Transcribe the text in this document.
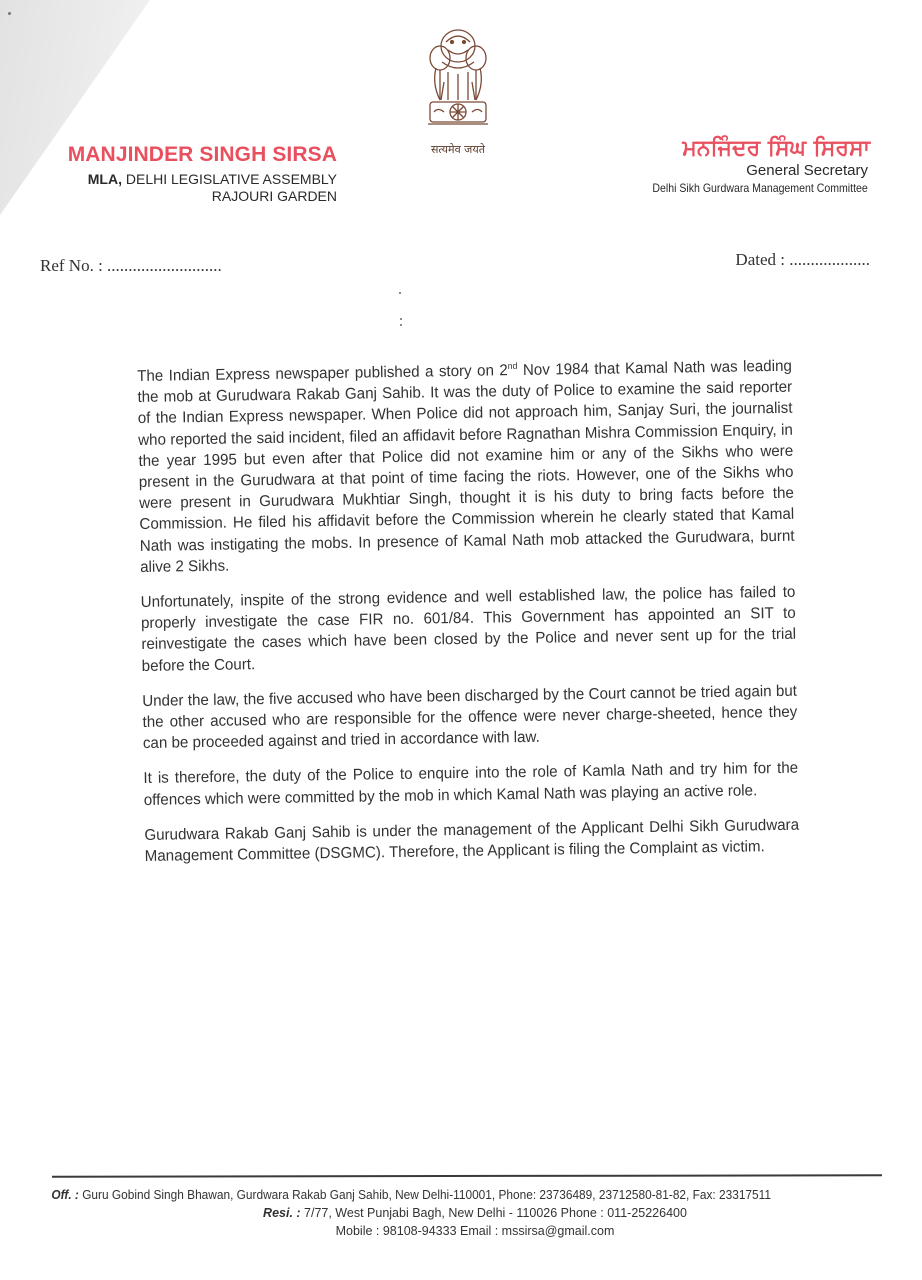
सत्यमेव जयते
MANJINDER SINGH SIRSA
MLA, DELHI LEGISLATIVE ASSEMBLY
RAJOURI GARDEN
ਮਨਜਿੰਦਰ ਸਿੰਘ ਸਿਰਸਾ
General Secretary
Delhi Sikh Gurdwara Management Committee
Ref No. : ...........................	Dated : ...................

The Indian Express newspaper published a story on 2nd Nov 1984 that Kamal Nath was leading the mob at Gurudwara Rakab Ganj Sahib. It was the duty of Police to examine the said reporter of the Indian Express newspaper. When Police did not approach him, Sanjay Suri, the journalist who reported the said incident, filed an affidavit before Ragnathan Mishra Commission Enquiry, in the year 1995 but even after that Police did not examine him or any of the Sikhs who were present in the Gurudwara at that point of time facing the riots. However, one of the Sikhs who were present in Gurudwara Mukhtiar Singh, thought it is his duty to bring facts before the Commission. He filed his affidavit before the Commission wherein he clearly stated that Kamal Nath was instigating the mobs. In presence of Kamal Nath mob attacked the Gurudwara, burnt alive 2 Sikhs.

Unfortunately, inspite of the strong evidence and well established law, the police has failed to properly investigate the case FIR no. 601/84. This Government has appointed an SIT to reinvestigate the cases which have been closed by the Police and never sent up for the trial before the Court.

Under the law, the five accused who have been discharged by the Court cannot be tried again but the other accused who are responsible for the offence were never charge-sheeted, hence they can be proceeded against and tried in accordance with law.

It is therefore, the duty of the Police to enquire into the role of Kamla Nath and try him for the offences which were committed by the mob in which Kamal Nath was playing an active role.

Gurudwara Rakab Ganj Sahib is under the management of the Applicant Delhi Sikh Gurudwara Management Committee (DSGMC). Therefore, the Applicant is filing the Complaint as victim.

Off. : Guru Gobind Singh Bhawan, Gurdwara Rakab Ganj Sahib, New Delhi-110001, Phone: 23736489, 23712580-81-82, Fax: 23317511
Resi. : 7/77, West Punjabi Bagh, New Delhi - 110026 Phone : 011-25226400
Mobile : 98108-94333 Email : mssirsa@gmail.com
